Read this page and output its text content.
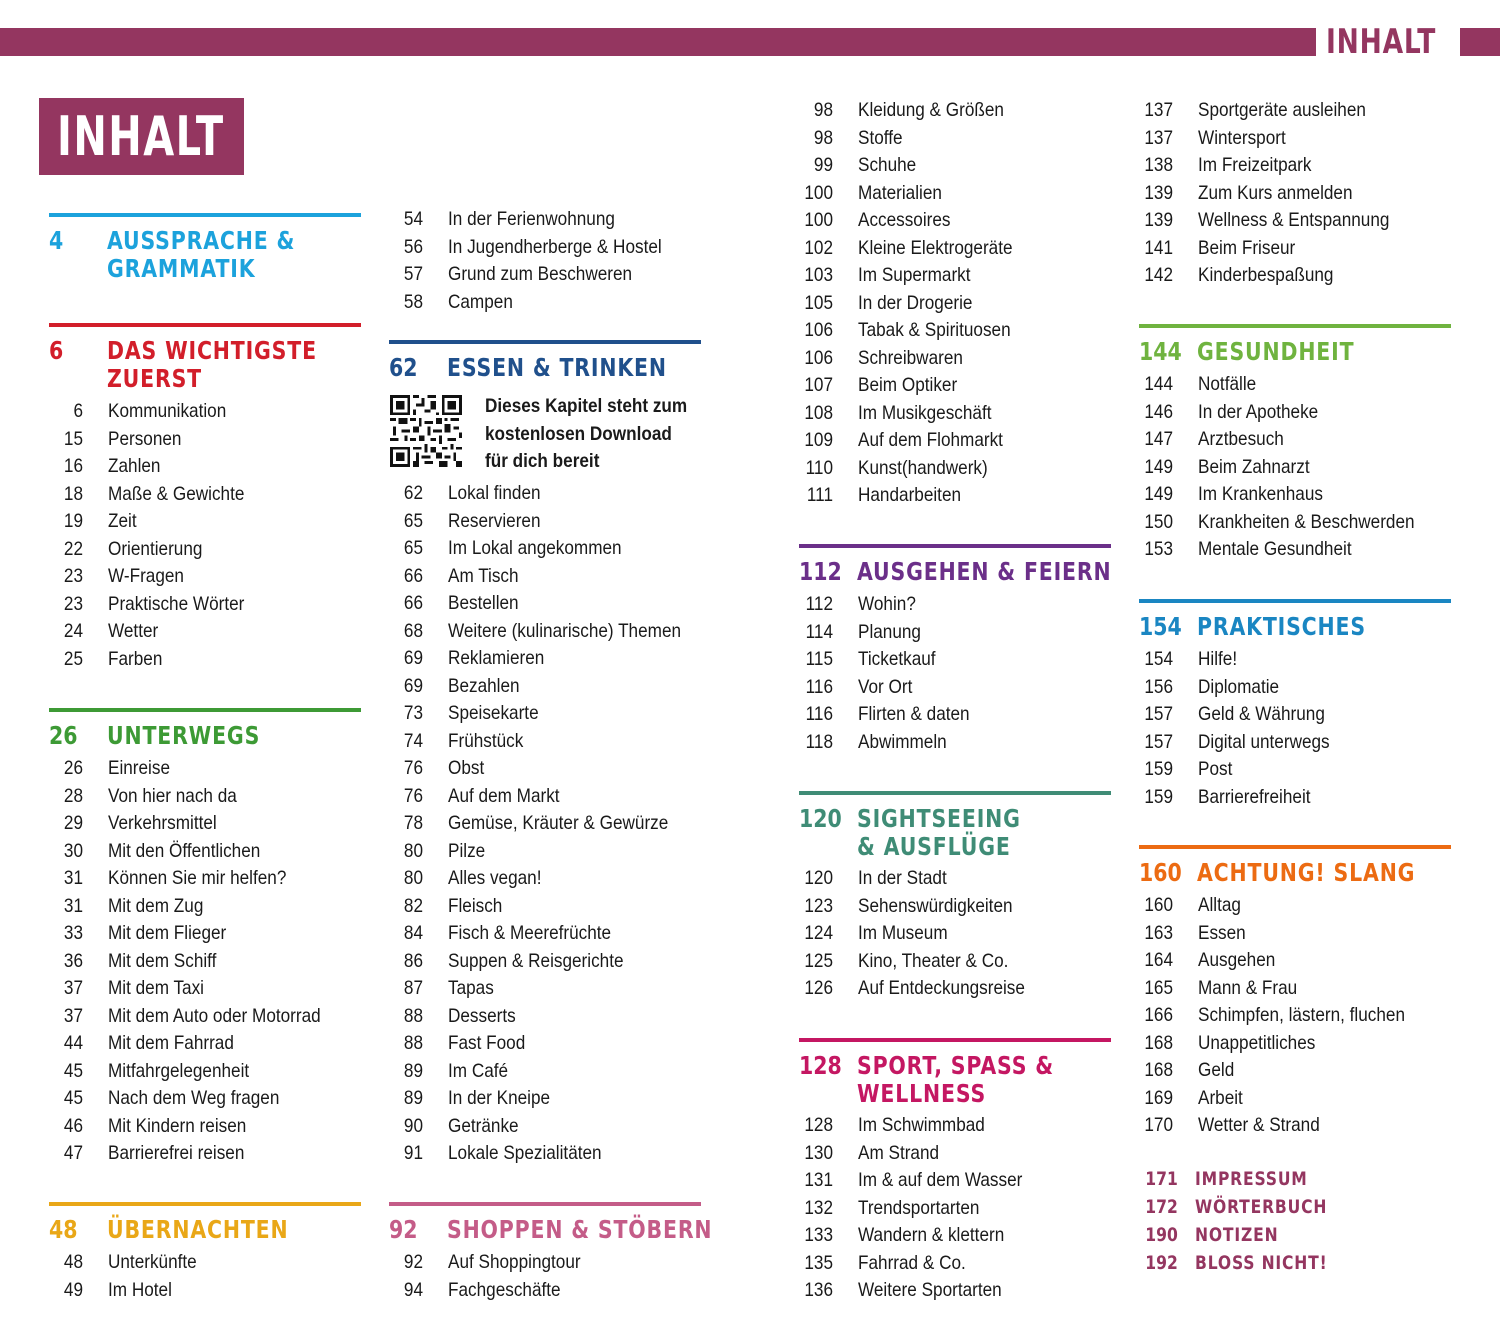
INHALT
INHALT
4 AUSSPRACHE &
GRAMMATIK
6 DAS WICHTIGSTE
ZUERST
6 Kommunikation
15 Personen
16 Zahlen
18 Maße & Gewichte
19 Zeit
22 Orientierung
23 W-Fragen
23 Praktische Wörter
24 Wetter
25 Farben
26 UNTERWEGS
26 Einreise
28 Von hier nach da
29 Verkehrsmittel
30 Mit den Öffentlichen
31 Können Sie mir helfen?
31 Mit dem Zug
33 Mit dem Flieger
36 Mit dem Schiff
37 Mit dem Taxi
37 Mit dem Auto oder Motorrad
44 Mit dem Fahrrad
45 Mitfahrgelegenheit
45 Nach dem Weg fragen
46 Mit Kindern reisen
47 Barrierefrei reisen
48 ÜBERNACHTEN
48 Unterkünfte
49 Im Hotel
54 In der Ferienwohnung
56 In Jugendherberge & Hostel
57 Grund zum Beschweren
58 Campen
62 ESSEN & TRINKEN
Dieses Kapitel steht zum
kostenlosen Download
für dich bereit
62 Lokal finden
65 Reservieren
65 Im Lokal angekommen
66 Am Tisch
66 Bestellen
68 Weitere (kulinarische) Themen
69 Reklamieren
69 Bezahlen
73 Speisekarte
74 Frühstück
76 Obst
76 Auf dem Markt
78 Gemüse, Kräuter & Gewürze
80 Pilze
80 Alles vegan!
82 Fleisch
84 Fisch & Meerefrüchte
86 Suppen & Reisgerichte
87 Tapas
88 Desserts
88 Fast Food
89 Im Café
89 In der Kneipe
90 Getränke
91 Lokale Spezialitäten
92 SHOPPEN & STÖBERN
92 Auf Shoppingtour
94 Fachgeschäfte
98 Kleidung & Größen
98 Stoffe
99 Schuhe
100 Materialien
100 Accessoires
102 Kleine Elektrogeräte
103 Im Supermarkt
105 In der Drogerie
106 Tabak & Spirituosen
106 Schreibwaren
107 Beim Optiker
108 Im Musikgeschäft
109 Auf dem Flohmarkt
110 Kunst(handwerk)
111 Handarbeiten
112 AUSGEHEN & FEIERN
112 Wohin?
114 Planung
115 Ticketkauf
116 Vor Ort
116 Flirten & daten
118 Abwimmeln
120 SIGHTSEEING
& AUSFLÜGE
120 In der Stadt
123 Sehenswürdigkeiten
124 Im Museum
125 Kino, Theater & Co.
126 Auf Entdeckungsreise
128 SPORT, SPASS &
WELLNESS
128 Im Schwimmbad
130 Am Strand
131 Im & auf dem Wasser
132 Trendsportarten
133 Wandern & klettern
135 Fahrrad & Co.
136 Weitere Sportarten
137 Sportgeräte ausleihen
137 Wintersport
138 Im Freizeitpark
139 Zum Kurs anmelden
139 Wellness & Entspannung
141 Beim Friseur
142 Kinderbespaßung
144 GESUNDHEIT
144 Notfälle
146 In der Apotheke
147 Arztbesuch
149 Beim Zahnarzt
149 Im Krankenhaus
150 Krankheiten & Beschwerden
153 Mentale Gesundheit
154 PRAKTISCHES
154 Hilfe!
156 Diplomatie
157 Geld & Währung
157 Digital unterwegs
159 Post
159 Barrierefreiheit
160 ACHTUNG! SLANG
160 Alltag
163 Essen
164 Ausgehen
165 Mann & Frau
166 Schimpfen, lästern, fluchen
168 Unappetitliches
168 Geld
169 Arbeit
170 Wetter & Strand
171 IMPRESSUM
172 WÖRTERBUCH
190 NOTIZEN
192 BLOSS NICHT!
